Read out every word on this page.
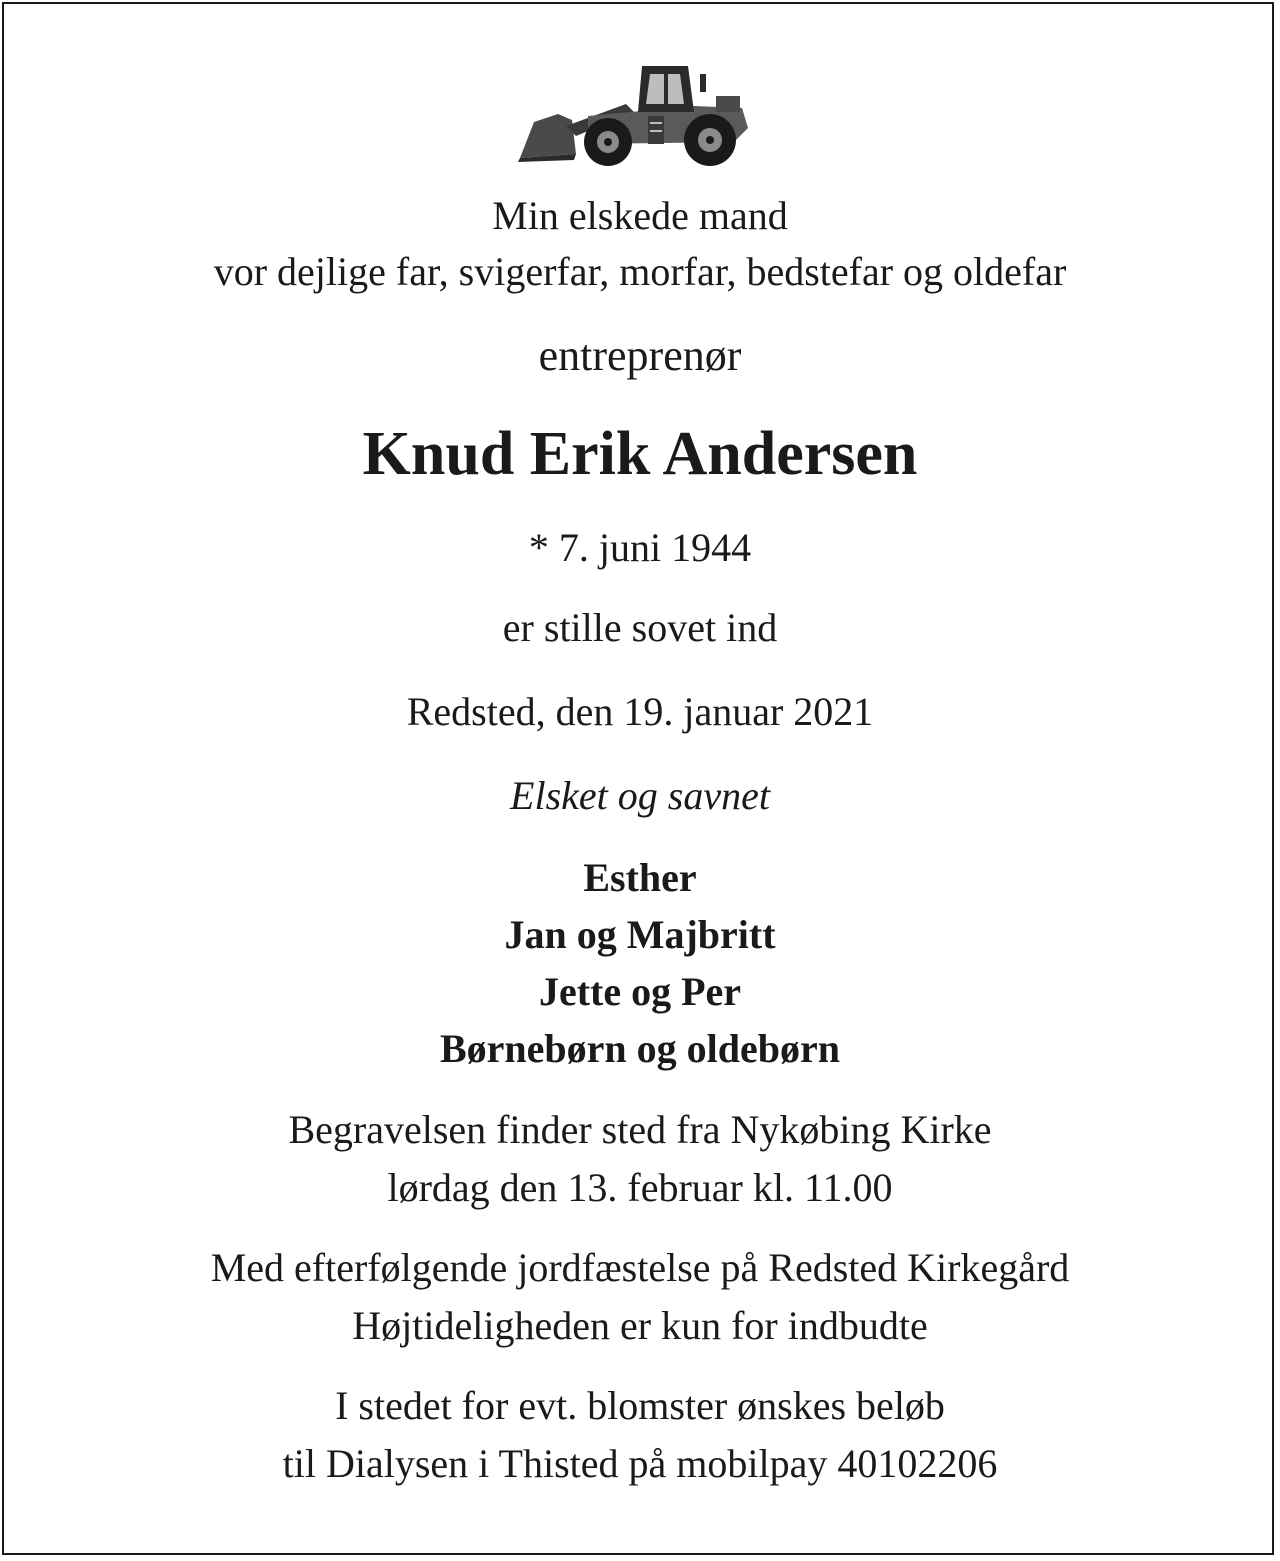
Min elskede mand
vor dejlige far, svigerfar, morfar, bedstefar og oldefar
entreprenør
Knud Erik Andersen
* 7. juni 1944
er stille sovet ind
Redsted, den 19. januar 2021
Elsket og savnet
Esther
Jan og Majbritt
Jette og Per
Børnebørn og oldebørn
Begravelsen finder sted fra Nykøbing Kirke
lørdag den 13. februar kl. 11.00
Med efterfølgende jordfæstelse på Redsted Kirkegård
Højtideligheden er kun for indbudte
I stedet for evt. blomster ønskes beløb
til Dialysen i Thisted på mobilpay 40102206
